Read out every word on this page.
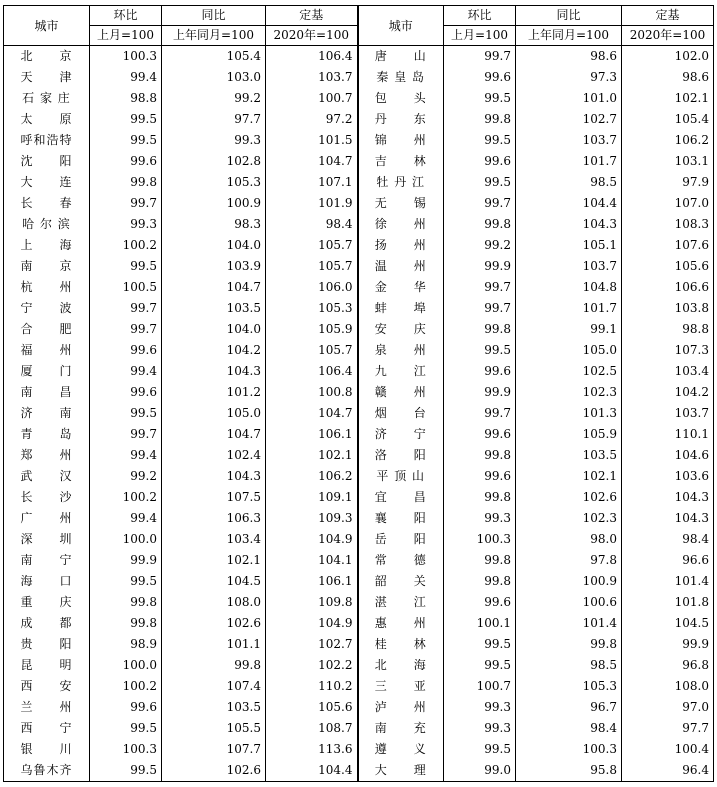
城市	环比	同比	定基	城市	环比	同比	定基
	上月=100	上年同月=100	2020年=100		上月=100	上年同月=100	2020年=100
北　　京	100.3	105.4	106.4	唐　　山	99.7	98.6	102.0
天　　津	99.4	103.0	103.7	秦 皇 岛	99.6	97.3	98.6
石 家 庄	98.8	99.2	100.7	包　　头	99.5	101.0	102.1
太　　原	99.5	97.7	97.2	丹　　东	99.8	102.7	105.4
呼和浩特	99.5	99.3	101.5	锦　　州	99.5	103.7	106.2
沈　　阳	99.6	102.8	104.7	吉　　林	99.6	101.7	103.1
大　　连	99.8	105.3	107.1	牡 丹 江	99.5	98.5	97.9
长　　春	99.7	100.9	101.9	无　　锡	99.7	104.4	107.0
哈 尔 滨	99.3	98.3	98.4	徐　　州	99.8	104.3	108.3
上　　海	100.2	104.0	105.7	扬　　州	99.2	105.1	107.6
南　　京	99.5	103.9	105.7	温　　州	99.9	103.7	105.6
杭　　州	100.5	104.7	106.0	金　　华	99.7	104.8	106.6
宁　　波	99.7	103.5	105.3	蚌　　埠	99.7	101.7	103.8
合　　肥	99.7	104.0	105.9	安　　庆	99.8	99.1	98.8
福　　州	99.6	104.2	105.7	泉　　州	99.5	105.0	107.3
厦　　门	99.4	104.3	106.4	九　　江	99.6	102.5	103.4
南　　昌	99.6	101.2	100.8	赣　　州	99.9	102.3	104.2
济　　南	99.5	105.0	104.7	烟　　台	99.7	101.3	103.7
青　　岛	99.7	104.7	106.1	济　　宁	99.6	105.9	110.1
郑　　州	99.4	102.4	102.1	洛　　阳	99.8	103.5	104.6
武　　汉	99.2	104.3	106.2	平 顶 山	99.6	102.1	103.6
长　　沙	100.2	107.5	109.1	宜　　昌	99.8	102.6	104.3
广　　州	99.4	106.3	109.3	襄　　阳	99.3	102.3	104.3
深　　圳	100.0	103.4	104.9	岳　　阳	100.3	98.0	98.4
南　　宁	99.9	102.1	104.1	常　　德	99.8	97.8	96.6
海　　口	99.5	104.5	106.1	韶　　关	99.8	100.9	101.4
重　　庆	99.8	108.0	109.8	湛　　江	99.6	100.6	101.8
成　　都	99.8	102.6	104.9	惠　　州	100.1	101.4	104.5
贵　　阳	98.9	101.1	102.7	桂　　林	99.5	99.8	99.9
昆　　明	100.0	99.8	102.2	北　　海	99.5	98.5	96.8
西　　安	100.2	107.4	110.2	三　　亚	100.7	105.3	108.0
兰　　州	99.6	103.5	105.6	泸　　州	99.3	96.7	97.0
西　　宁	99.5	105.5	108.7	南　　充	99.3	98.4	97.7
银　　川	100.3	107.7	113.6	遵　　义	99.5	100.3	100.4
乌鲁木齐	99.5	102.6	104.4	大　　理	99.0	95.8	96.4
